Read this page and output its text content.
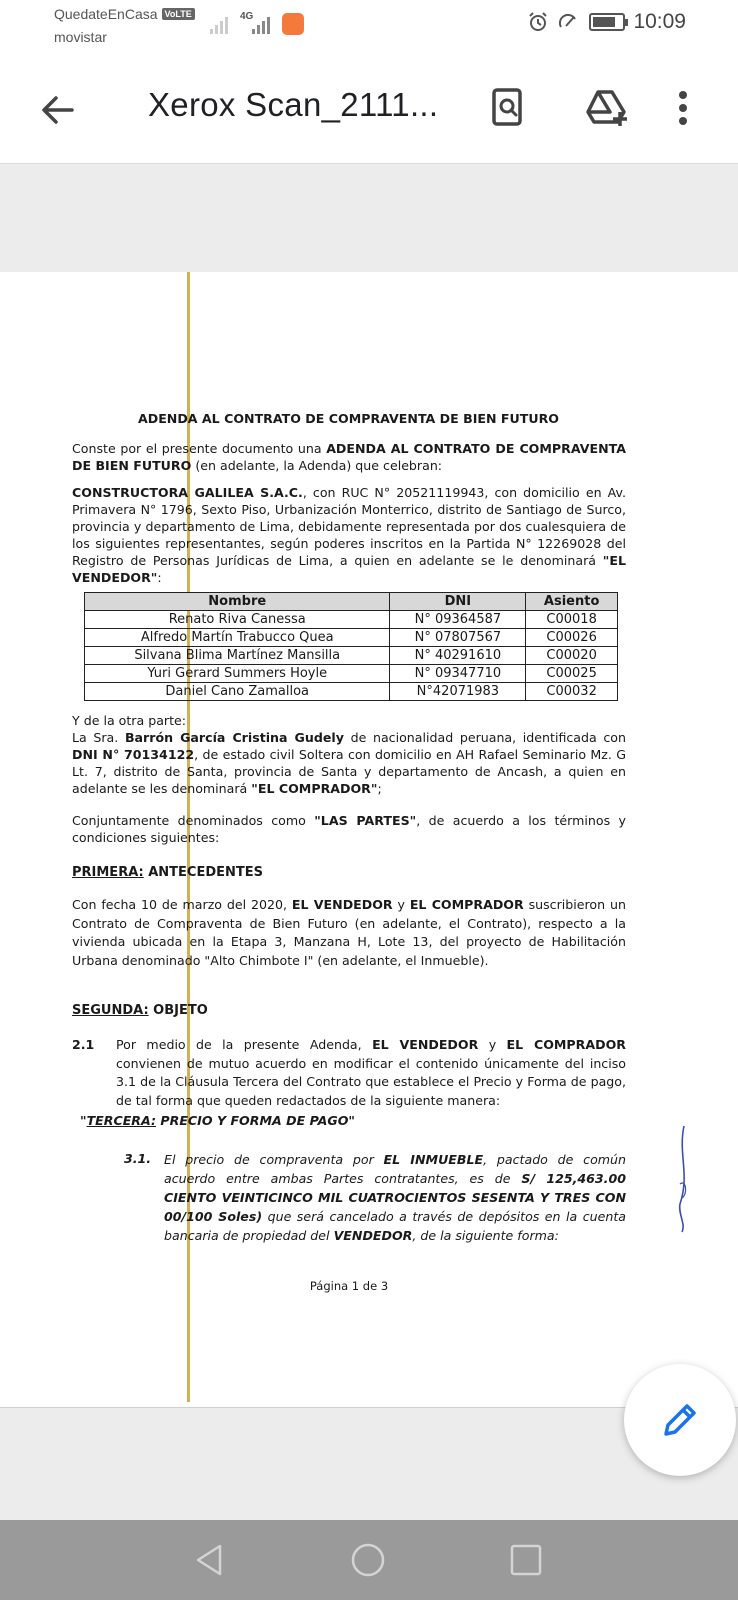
QuedateEnCasa VoLTE
movistar
4G	10:09
Xerox Scan_2111...
ADENDA AL CONTRATO DE COMPRAVENTA DE BIEN FUTURO

Conste por el presente documento una ADENDA AL CONTRATO DE COMPRAVENTA DE BIEN FUTURO (en adelante, la Adenda) que celebran:

CONSTRUCTORA GALILEA S.A.C., con RUC N° 20521119943, con domicilio en Av. Primavera N° 1796, Sexto Piso, Urbanización Monterrico, distrito de Santiago de Surco, provincia y departamento de Lima, debidamente representada por dos cualesquiera de los siguientes representantes, según poderes inscritos en la Partida N° 12269028 del Registro de Personas Jurídicas de Lima, a quien en adelante se le denominará "EL VENDEDOR":

Nombre	DNI	Asiento
Renato Riva Canessa	N° 09364587	C00018
Alfredo Martín Trabucco Quea	N° 07807567	C00026
Silvana Blima Martínez Mansilla	N° 40291610	C00020
Yuri Gerard Summers Hoyle	N° 09347710	C00025
Daniel Cano Zamalloa	N°42071983	C00032

Y de la otra parte:
La Sra. Barrón García Cristina Gudely de nacionalidad peruana, identificada con DNI N° 70134122, de estado civil Soltera con domicilio en AH Rafael Seminario Mz. G Lt. 7, distrito de Santa, provincia de Santa y departamento de Ancash, a quien en adelante se les denominará "EL COMPRADOR";

Conjuntamente denominados como "LAS PARTES", de acuerdo a los términos y condiciones siguientes:

PRIMERA: ANTECEDENTES

Con fecha 10 de marzo del 2020, EL VENDEDOR y EL COMPRADOR suscribieron un Contrato de Compraventa de Bien Futuro (en adelante, el Contrato), respecto a la vivienda ubicada en la Etapa 3, Manzana H, Lote 13, del proyecto de Habilitación Urbana denominado "Alto Chimbote I" (en adelante, el Inmueble).

SEGUNDA: OBJETO
2.1 Por medio de la presente Adenda, EL VENDEDOR y EL COMPRADOR convienen de mutuo acuerdo en modificar el contenido únicamente del inciso 3.1 de la Cláusula Tercera del Contrato que establece el Precio y Forma de pago, de tal forma que queden redactados de la siguiente manera:

"TERCERA: PRECIO Y FORMA DE PAGO"
3.1. El precio de compraventa por EL INMUEBLE, pactado de común acuerdo entre ambas Partes contratantes, es de S/ 125,463.00 CIENTO VEINTICINCO MIL CUATROCIENTOS SESENTA Y TRES CON 00/100 Soles) que será cancelado a través de depósitos en la cuenta bancaria de propiedad del VENDEDOR, de la siguiente forma:

Página 1 de 3
